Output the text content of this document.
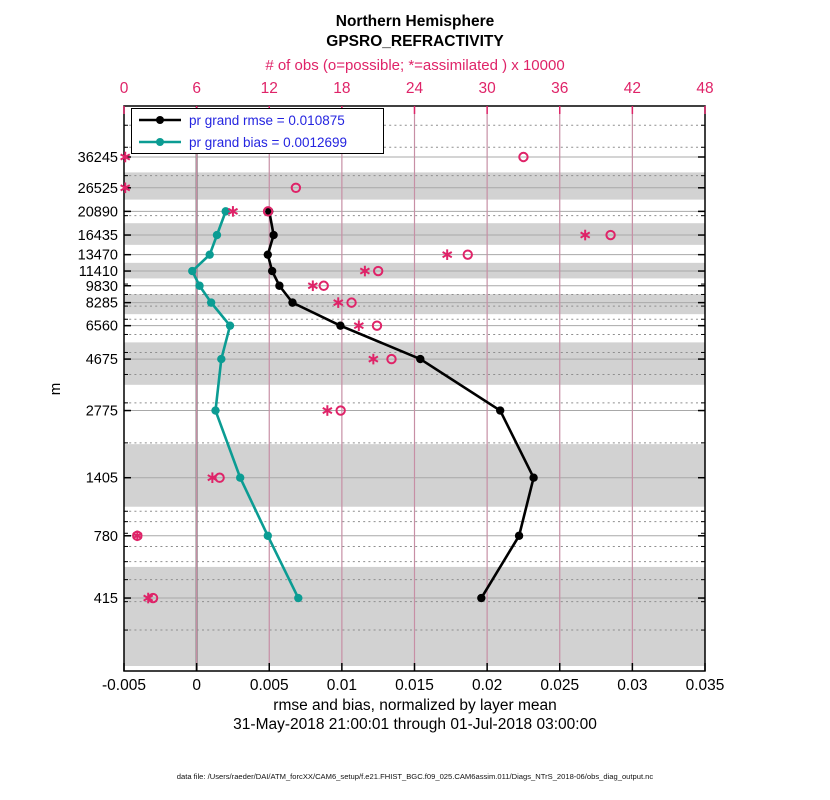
Northern Hemisphere
GPSRO_REFRACTIVITY
# of obs (o=possible; *=assimilated ) x 10000
0	6	12	18	24	30	36	42	48
-0.005	0	0.005 0.01 0.015 0.02 0.025 0.03 0.035
36245
26525
20890
16435
13470
11410
9830
8285
6560
4675
2775
1405
780
415
pr grand rmse = 0.010875
pr grand bias = 0.0012699
m
rmse and bias, normalized by layer mean
31-May-2018 21:00:01 through 01-Jul-2018 03:00:00
data file: /Users/raeder/DAI/ATM_forcXX/CAM6_setup/f.e21.FHIST_BGC.f09_025.CAM6assim.011/Diags_NTrS_2018-06/obs_diag_output.nc
